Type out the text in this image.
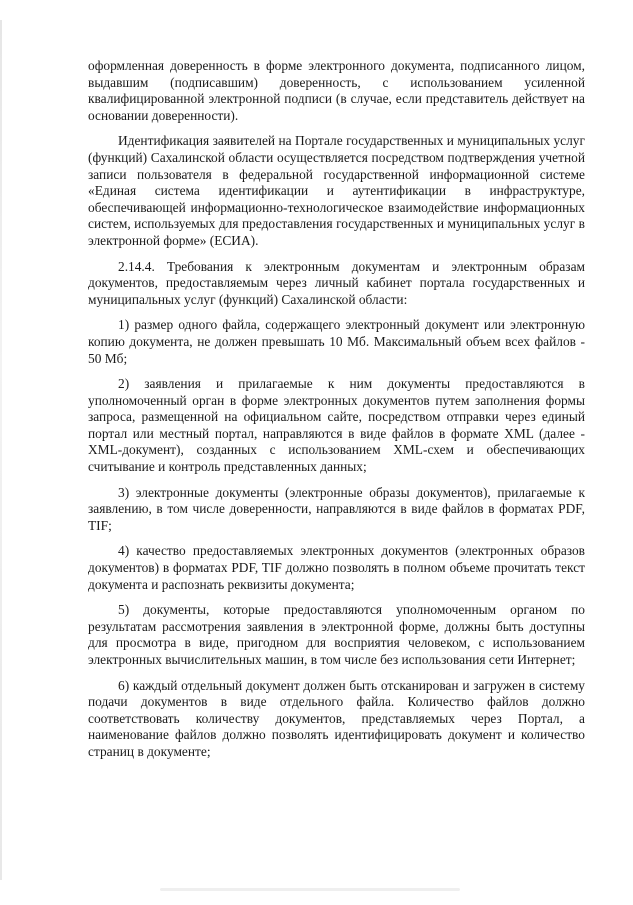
оформленная доверенность в форме электронного документа, подписанного лицом, выдавшим (подписавшим) доверенность, с использованием усиленной квалифицированной электронной подписи (в случае, если представитель действует на основании доверенности).

Идентификация заявителей на Портале государственных и муниципальных услуг (функций) Сахалинской области осуществляется посредством подтверждения учетной записи пользователя в федеральной государственной информационной системе «Единая система идентификации и аутентификации в инфраструктуре, обеспечивающей информационно-технологическое взаимодействие информационных систем, используемых для предоставления государственных и муниципальных услуг в электронной форме» (ЕСИА).

2.14.4. Требования к электронным документам и электронным образам документов, предоставляемым через личный кабинет портала государственных и муниципальных услуг (функций) Сахалинской области:

1) размер одного файла, содержащего электронный документ или электронную копию документа, не должен превышать 10 Мб. Максимальный объем всех файлов - 50 Мб;

2) заявления и прилагаемые к ним документы предоставляются в уполномоченный орган в форме электронных документов путем заполнения формы запроса, размещенной на официальном сайте, посредством отправки через единый портал или местный портал, направляются в виде файлов в формате XML (далее - XML-документ), созданных с использованием XML-схем и обеспечивающих считывание и контроль представленных данных;

3) электронные документы (электронные образы документов), прилагаемые к заявлению, в том числе доверенности, направляются в виде файлов в форматах PDF, TIF;

4) качество предоставляемых электронных документов (электронных образов документов) в форматах PDF, TIF должно позволять в полном объеме прочитать текст документа и распознать реквизиты документа;

5) документы, которые предоставляются уполномоченным органом по результатам рассмотрения заявления в электронной форме, должны быть доступны для просмотра в виде, пригодном для восприятия человеком, с использованием электронных вычислительных машин, в том числе без использования сети Интернет;

6) каждый отдельный документ должен быть отсканирован и загружен в систему подачи документов в виде отдельного файла. Количество файлов должно соответствовать количеству документов, представляемых через Портал, а наименование файлов должно позволять идентифицировать документ и количество страниц в документе;
